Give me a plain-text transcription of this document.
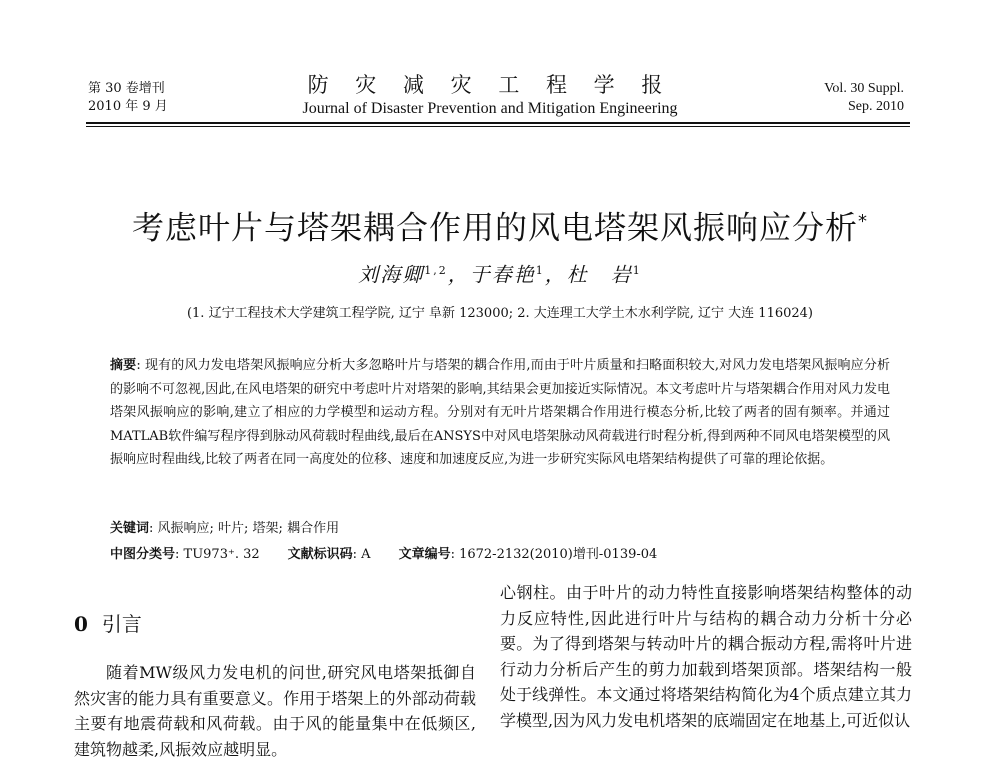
第 30 卷增刊
2010 年 9 月
防 灾 减 灾 工 程 学 报
Journal of Disaster Prevention and Mitigation Engineering
Vol. 30 Suppl.
Sep. 2010
考虑叶片与塔架耦合作用的风电塔架风振响应分析*
刘海卿$^{1,2}$，于春艳$^1$，杜　岩$^1$
(1. 辽宁工程技术大学建筑工程学院, 辽宁 阜新 123000; 2. 大连理工大学土木水利学院, 辽宁 大连 116024)
摘要: 现有的风力发电塔架风振响应分析大多忽略叶片与塔架的耦合作用,而由于叶片质量和扫略面积较大,对风力发电塔架风振响应分析的影响不可忽视,因此,在风电塔架的研究中考虑叶片对塔架的影响,其结果会更加接近实际情况。本文考虑叶片与塔架耦合作用对风力发电塔架风振响应的影响,建立了相应的力学模型和运动方程。分别对有无叶片塔架耦合作用进行模态分析,比较了两者的固有频率。并通过MATLAB软件编写程序得到脉动风荷载时程曲线,最后在ANSYS中对风电塔架脉动风荷载进行时程分析,得到两种不同风电塔架模型的风振响应时程曲线,比较了两者在同一高度处的位移、速度和加速度反应,为进一步研究实际风电塔架结构提供了可靠的理论依据。
关键词: 风振响应; 叶片; 塔架; 耦合作用
中图分类号: TU973⁺. 32 文献标识码: A 文章编号: 1672-2132(2010)增刊-0139-04
0 引言

随着MW级风力发电机的问世,研究风电塔架抵御自然灾害的能力具有重要意义。作用于塔架上的外部动荷载主要有地震荷载和风荷载。由于风的能量集中在低频区,建筑物越柔,风振效应越明显。

心钢柱。由于叶片的动力特性直接影响塔架结构整体的动力反应特性,因此进行叶片与结构的耦合动力分析十分必要。为了得到塔架与转动叶片的耦合振动方程,需将叶片进行动力分析后产生的剪力加载到塔架顶部。塔架结构一般处于线弹性。本文通过将塔架结构简化为4个质点建立其力学模型,因为风力发电机塔架的底端固定在地基上,可近似认
